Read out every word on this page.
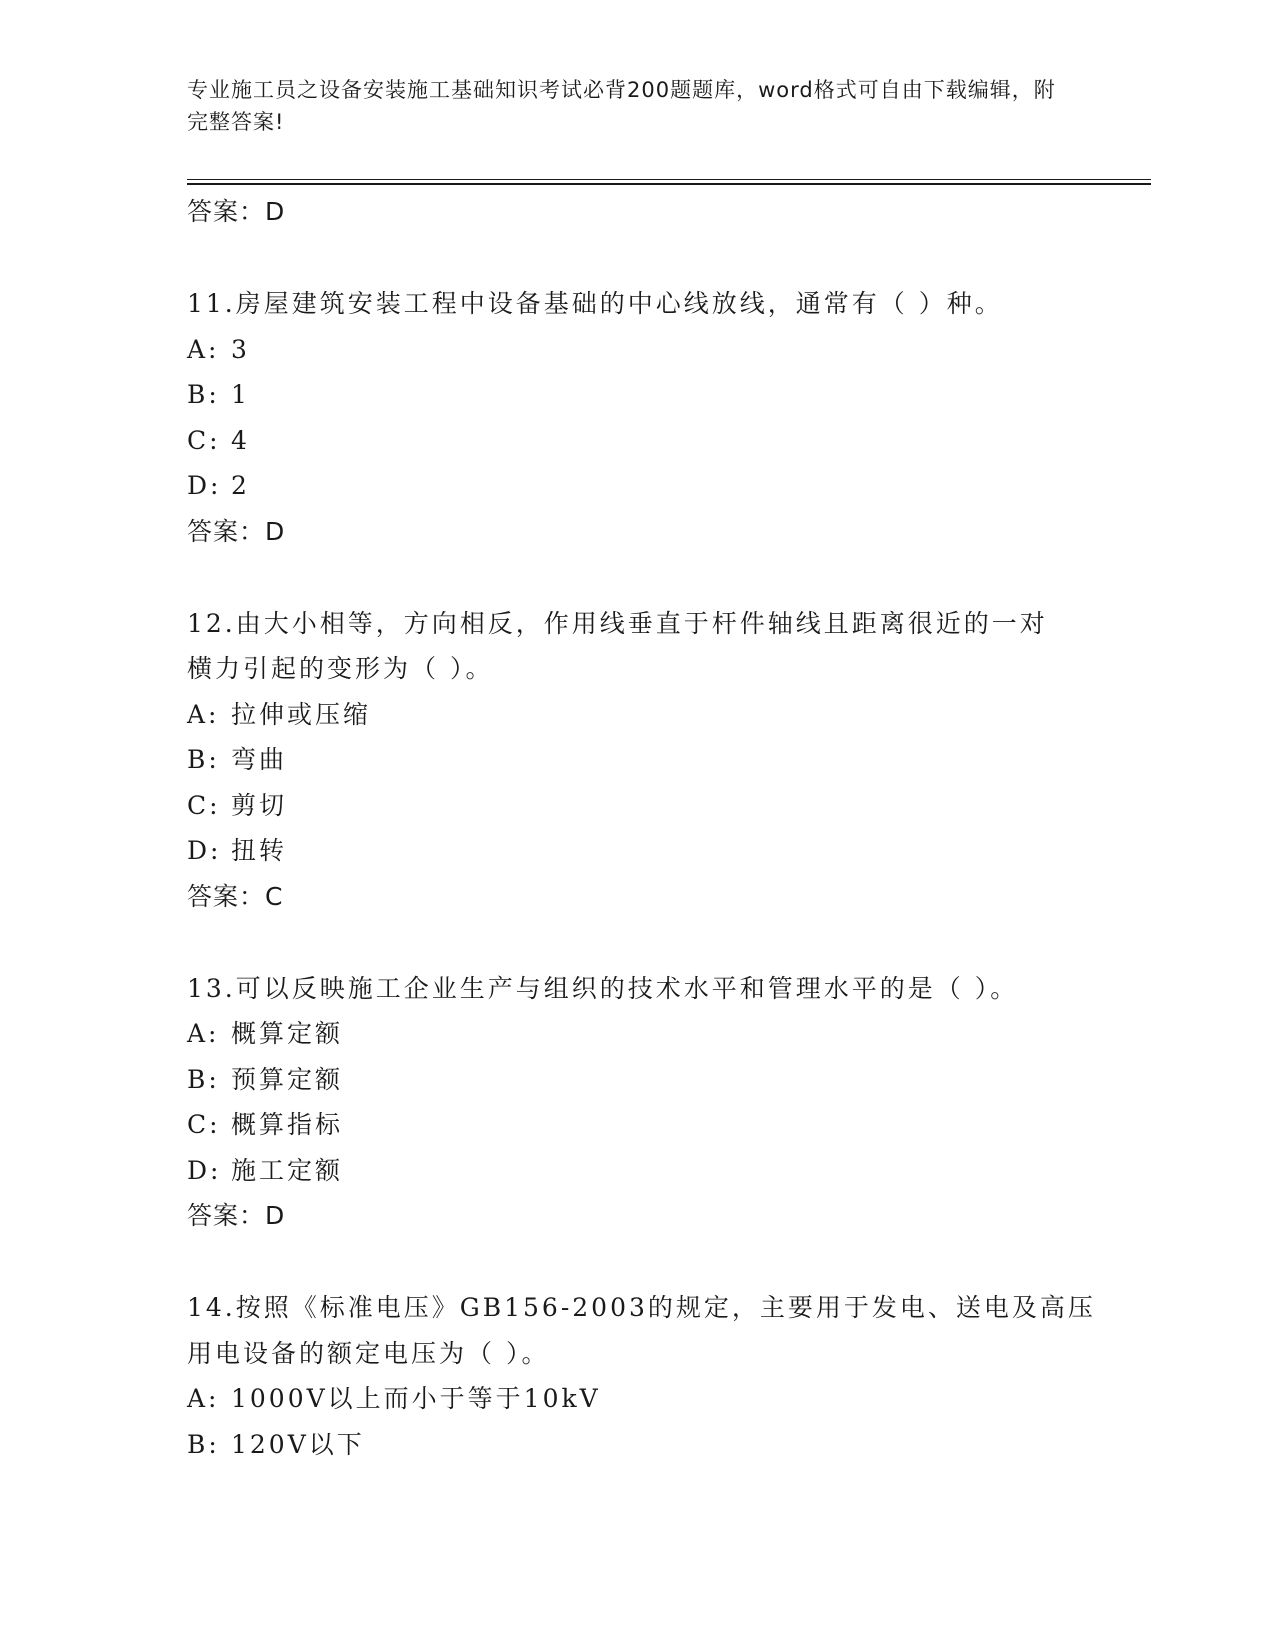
专业施工员之设备安装施工基础知识考试必背200题题库，word格式可自由下载编辑，附完整答案!
答案：D
11.房屋建筑安装工程中设备基础的中心线放线，通常有（ ）种。
A: 3
B: 1
C: 4
D: 2
答案：D
12.由大小相等，方向相反，作用线垂直于杆件轴线且距离很近的一对
横力引起的变形为（ ）。
A: 拉伸或压缩
B: 弯曲
C: 剪切
D: 扭转
答案：C
13.可以反映施工企业生产与组织的技术水平和管理水平的是（ ）。
A: 概算定额
B: 预算定额
C: 概算指标
D: 施工定额
答案：D
14.按照《标准电压》GB156-2003的规定，主要用于发电、送电及高压
用电设备的额定电压为（ ）。
A: 1000V以上而小于等于10kV
B: 120V以下
